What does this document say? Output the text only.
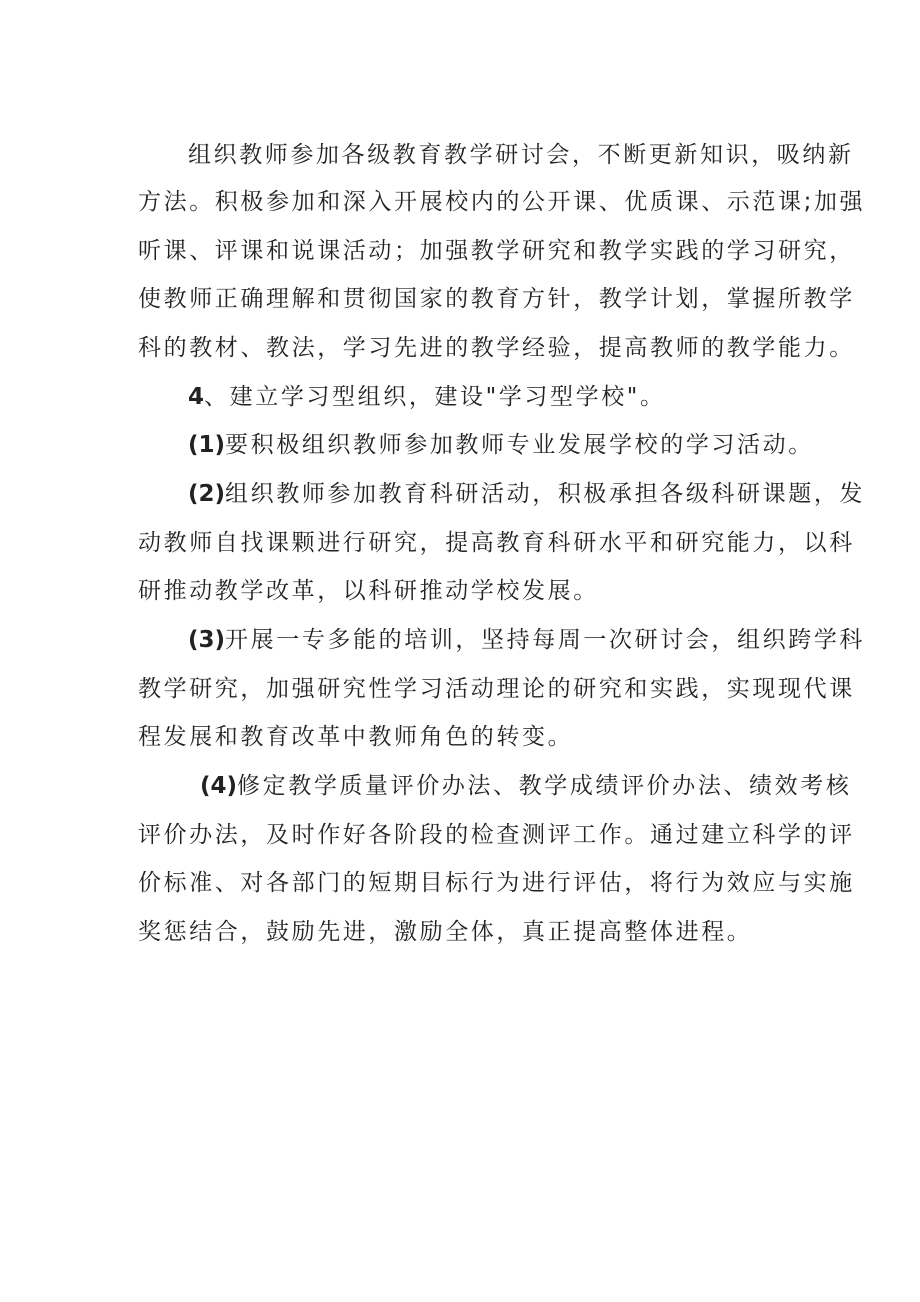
组织教师参加各级教育教学研讨会，不断更新知识，吸纳新
方法。积极参加和深入开展校内的公开课、优质课、示范课;加强
听课、评课和说课活动；加强教学研究和教学实践的学习研究，
使教师正确理解和贯彻国家的教育方针，教学计划，掌握所教学
科的教材、教法，学习先进的教学经验，提高教师的教学能力。
4、建立学习型组织，建设"学习型学校"。
(1)要积极组织教师参加教师专业发展学校的学习活动。
(2)组织教师参加教育科研活动，积极承担各级科研课题，发
动教师自找课颗进行研究，提高教育科研水平和研究能力，以科
研推动教学改革，以科研推动学校发展。
(3)开展一专多能的培训，坚持每周一次研讨会，组织跨学科
教学研究，加强研究性学习活动理论的研究和实践，实现现代课
程发展和教育改革中教师角色的转变。
(4)修定教学质量评价办法、教学成绩评价办法、绩效考核
评价办法，及时作好各阶段的检查测评工作。通过建立科学的评
价标准、对各部门的短期目标行为进行评估，将行为效应与实施
奖惩结合，鼓励先进，激励全体，真正提高整体进程。
